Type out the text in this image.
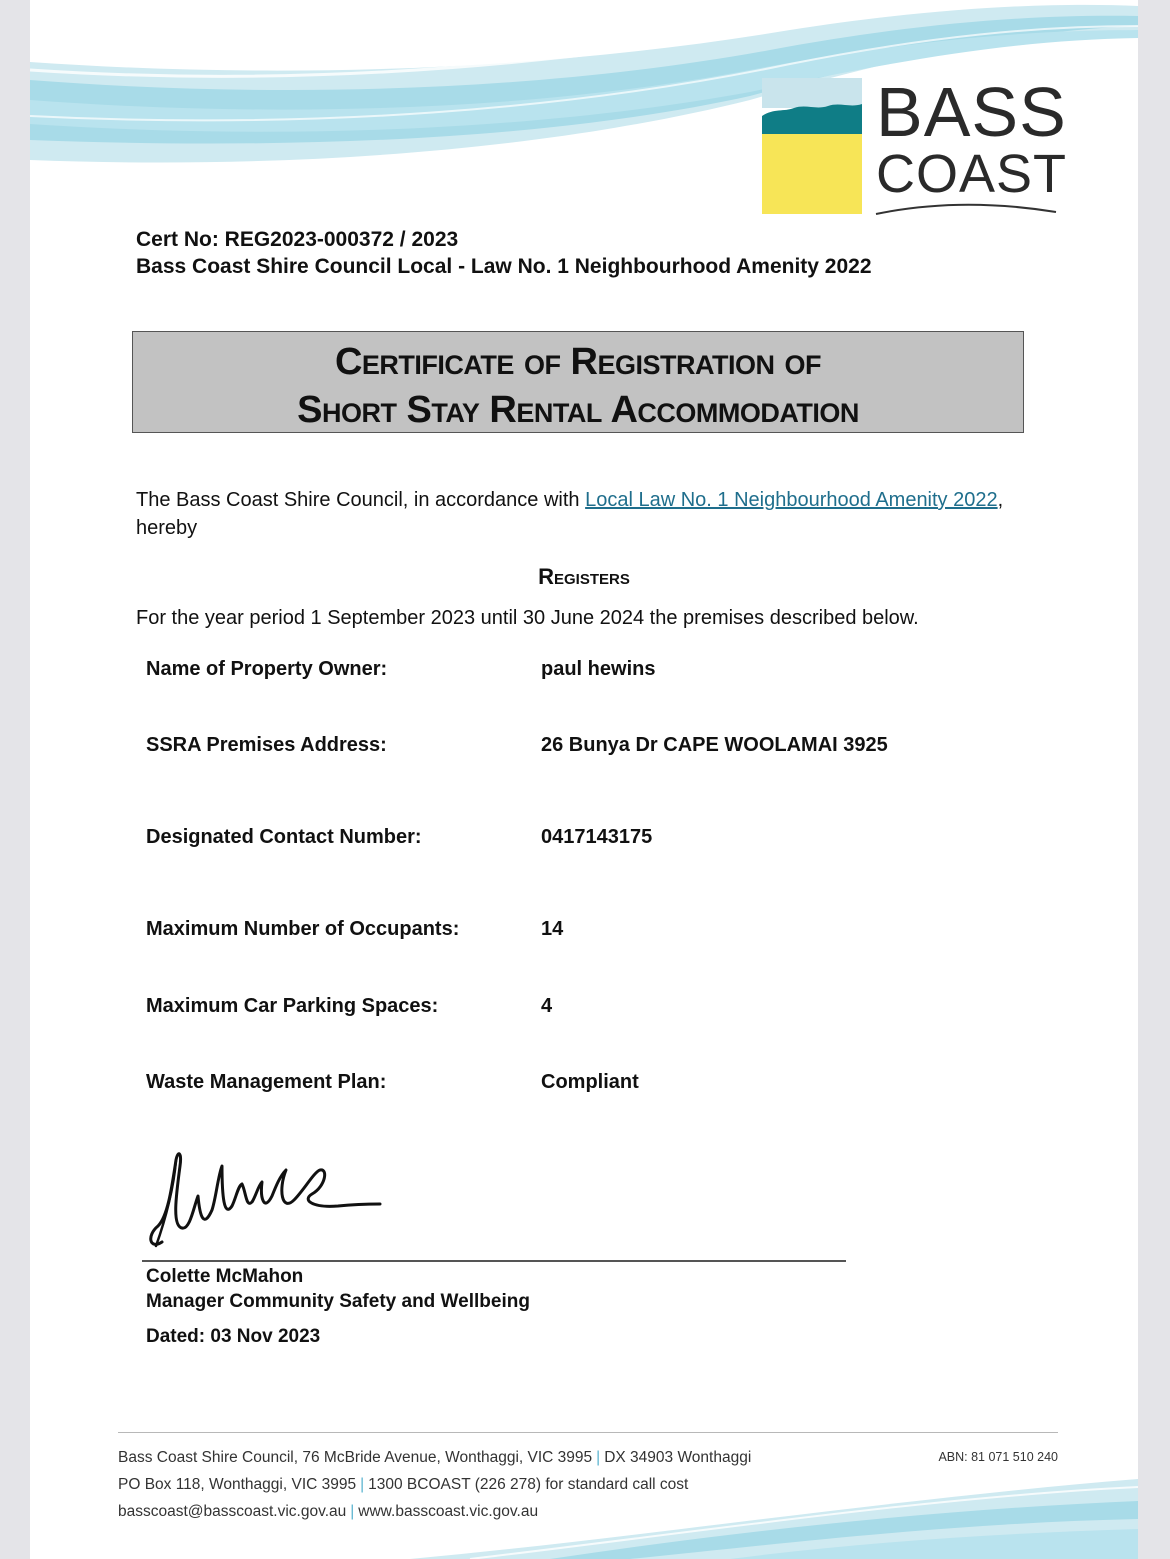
BASS
COAST
Cert No: REG2023-000372 / 2023
Bass Coast Shire Council Local - Law No. 1 Neighbourhood Amenity 2022
Certificate of Registration of
Short Stay Rental Accommodation
The Bass Coast Shire Council, in accordance with Local Law No. 1 Neighbourhood Amenity 2022, hereby
Registers
For the year period 1 September 2023 until 30 June 2024 the premises described below.
Name of Property Owner:	paul hewins
SSRA Premises Address:	26 Bunya Dr CAPE WOOLAMAI 3925
Designated Contact Number:	0417143175
Maximum Number of Occupants:	14
Maximum Car Parking Spaces:	4
Waste Management Plan:	Compliant
Colette McMahon
Manager Community Safety and Wellbeing
Dated: 03 Nov 2023
Bass Coast Shire Council, 76 McBride Avenue, Wonthaggi, VIC 3995 | DX 34903 Wonthaggi
PO Box 118, Wonthaggi, VIC 3995 | 1300 BCOAST (226 278) for standard call cost
basscoast@basscoast.vic.gov.au | www.basscoast.vic.gov.au
ABN: 81 071 510 240
